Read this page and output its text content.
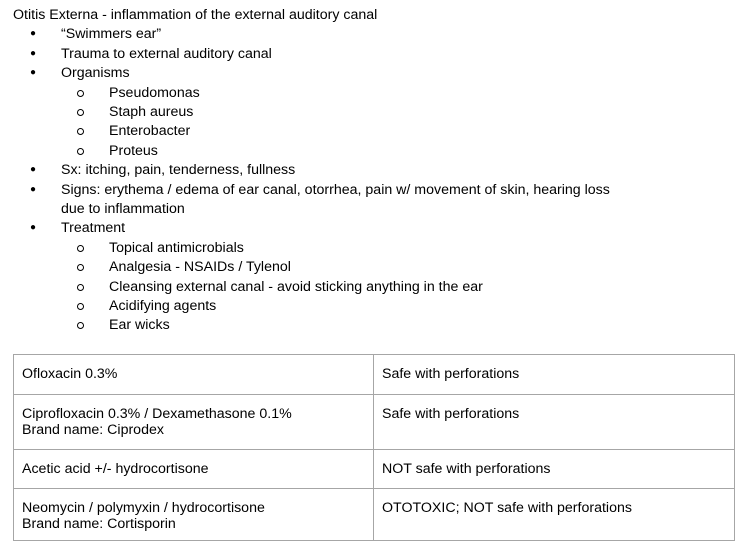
Otitis Externa - inflammation of the external auditory canal
● “Swimmers ear”
● Trauma to external auditory canal
● Organisms
Pseudomonas
Staph aureus
Enterobacter
Proteus
● Sx: itching, pain, tenderness, fullness
● Signs: erythema / edema of ear canal, otorrhea, pain w/ movement of skin, hearing loss
due to inflammation
● Treatment
Topical antimicrobials
Analgesia - NSAIDs / Tylenol
Cleansing external canal - avoid sticking anything in the ear
Acidifying agents
Ear wicks
Ofloxacin 0.3%	Safe with perforations

Ciprofloxacin 0.3% / Dexamethasone 0.1%
Brand name: Ciprodex	Safe with perforations

Acetic acid +/- hydrocortisone	NOT safe with perforations

Neomycin / polymyxin / hydrocortisone
Brand name: Cortisporin	OTOTOXIC; NOT safe with perforations
